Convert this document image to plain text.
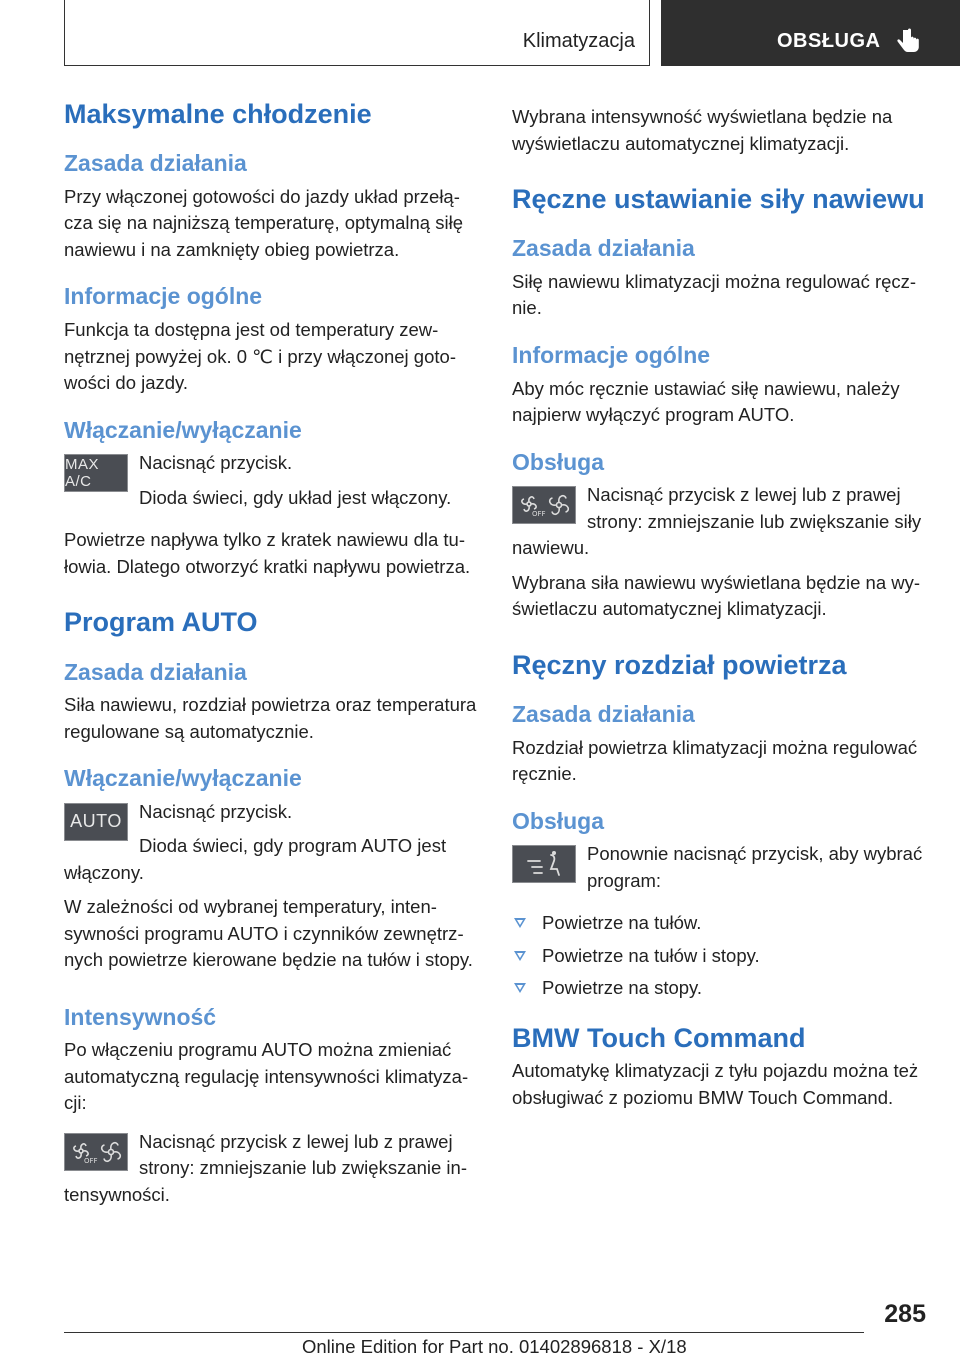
Klimatyzacja	OBSŁUGA
Maksymalne chłodzenie
Zasada działania

Przy włączonej gotowości do jazdy układ przełącza się na najniższą temperaturę, optymalną siłę nawiewu i na zamknięty obieg powietrza.

Informacje ogólne

Funkcja ta dostępna jest od temperatury zewnętrznej powyżej ok. 0 ℃ i przy włączonej gotowości do jazdy.

Włączanie/wyłączanie
MAX A/C

Nacisnąć przycisk.

Dioda świeci, gdy układ jest włączony.

Powietrze napływa tylko z kratek nawiewu dla tułowia. Dlatego otworzyć kratki napływu powietrza.

Program AUTO
Zasada działania

Siła nawiewu, rozdział powietrza oraz temperatura regulowane są automatycznie.

Włączanie/wyłączanie
AUTO Nacisnąć przycisk.

Dioda świeci, gdy program AUTO jest włączony.

W zależności od wybranej temperatury, intensywności programu AUTO i czynników zewnętrznych powietrze kierowane będzie na tułów i stopy.

Intensywność

Po włączeniu programu AUTO można zmieniać automatyczną regulację intensywności klimatyzacji:

OFF

Nacisnąć przycisk z lewej lub z prawej strony: zmniejszanie lub zwiększanie intensywności.

Wybrana intensywność wyświetlana będzie na wyświetlaczu automatycznej klimatyzacji.

Ręczne ustawianie siły nawiewu
Zasada działania

Siłę nawiewu klimatyzacji można regulować ręcznie.

Informacje ogólne

Aby móc ręcznie ustawiać siłę nawiewu, należy najpierw wyłączyć program AUTO.

Obsługa
OFF

Nacisnąć przycisk z lewej lub z prawej strony: zmniejszanie lub zwiększanie siły nawiewu.

Wybrana siła nawiewu wyświetlana będzie na wyświetlaczu automatycznej klimatyzacji.

Ręczny rozdział powietrza
Zasada działania

Rozdział powietrza klimatyzacji można regulować ręcznie.

Obsługa

Ponownie nacisnąć przycisk, aby wybrać program:

Powietrze na tułów.
Powietrze na tułów i stopy.
Powietrze na stopy.
BMW Touch Command

Automatykę klimatyzacji z tyłu pojazdu można też obsługiwać z poziomu BMW Touch Command.

285
Online Edition for Part no. 01402896818 - X/18
